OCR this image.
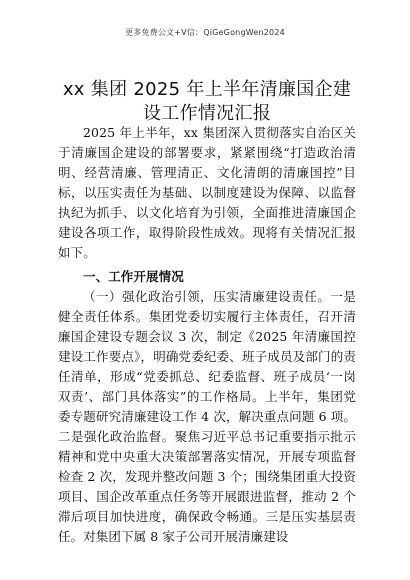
更多免费公文+V信：QiGeGongWen2024
xx 集团 2025 年上半年清廉国企建设工作情况汇报

2025 年上半年，xx 集团深入贯彻落实自治区关于清廉国企建设的部署要求，紧紧围绕“打造政治清明、经营清廉、管理清正、文化清朗的清廉国控”目标，以压实责任为基础、以制度建设为保障、以监督执纪为抓手、以文化培育为引领，全面推进清廉国企建设各项工作，取得阶段性成效。现将有关情况汇报如下。

一、工作开展情况

（一）强化政治引领，压实清廉建设责任。一是健全责任体系。集团党委切实履行主体责任，召开清廉国企建设专题会议 3 次，制定《2025 年清廉国控建设工作要点》，明确党委纪委、班子成员及部门的责任清单，形成“党委抓总、纪委监督、班子成员‘一岗双责’、部门具体落实”的工作格局。上半年，集团党委专题研究清廉建设工作 4 次，解决重点问题 6 项。二是强化政治监督。聚焦习近平总书记重要指示批示精神和党中央重大决策部署落实情况，开展专项监督检查 2 次，发现并整改问题 3 个；围绕集团重大投资项目、国企改革重点任务等开展跟进监督，推动 2 个滞后项目加快进度，确保政令畅通。三是压实基层责任。对集团下属 8 家子公司开展清廉建设
